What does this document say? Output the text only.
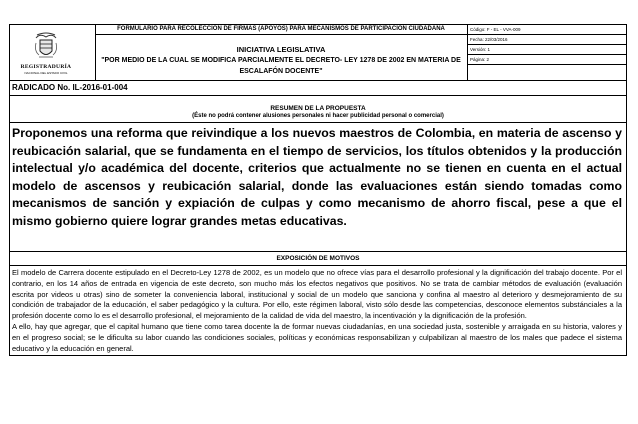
REGISTRADURÍA
NACIONAL DEL ESTADO CIVIL
FORMULARIO PARA RECOLECCION DE FIRMAS (APOYOS) PARA MECANISMOS DE PARTICIPACION CIUDADANA
INICIATIVA LEGISLATIVA
"POR MEDIO DE LA CUAL SE MODIFICA PARCIALMENTE EL DECRETO- LEY 1278 DE 2002 EN MATERIA DE
ESCALAFÓN DOCENTE"
Código: F - EL - VVA-009
Fecha: 22/03/2016
Versión: 1
Página: 2
RADICADO No. IL-2016-01-004
RESUMEN DE LA PROPUESTA
(Éste no podrá contener alusiones personales ni hacer publicidad personal o comercial)
Proponemos una reforma que reivindique a los nuevos maestros de Colombia, en materia de ascenso y reubicación salarial, que se fundamenta en el tiempo de servicios, los títulos obtenidos y la producción intelectual y/o académica del docente, criterios que actualmente no se tienen en cuenta en el actual modelo de ascensos y reubicación salarial, donde las evaluaciones están siendo tomadas como mecanismos de sanción y expiación de culpas y como mecanismo de ahorro fiscal, pese a que el mismo gobierno quiere lograr grandes metas educativas.
EXPOSICIÓN DE MOTIVOS

El modelo de Carrera docente estipulado en el Decreto-Ley 1278 de 2002, es un modelo que no ofrece vías para el desarrollo profesional y la dignificación del trabajo docente. Por el contrario, en los 14 años de entrada en vigencia de este decreto, son mucho más los efectos negativos que positivos. No se trata de cambiar métodos de evaluación (evaluación escrita por videos u otras) sino de someter la conveniencia laboral, institucional y social de un modelo que sanciona y confina al maestro al deterioro y desmejoramiento de su condición de trabajador de la educación, el saber pedagógico y la cultura. Por ello, este régimen laboral, visto sólo desde las competencias, desconoce elementos substánciales a la profesión docente como lo es el desarrollo profesional, el mejoramiento de la calidad de vida del maestro, la incentivación y la dignificación de la profesión.

A ello, hay que agregar, que el capital humano que tiene como tarea docente la de formar nuevas ciudadanías, en una sociedad justa, sostenible y arraigada en su historia, valores y en el progreso social; se le dificulta su labor cuando las condiciones sociales, políticas y económicas responsabilizan y culpabilizan al maestro de los males que padece el sistema educativo y la educación en general.
